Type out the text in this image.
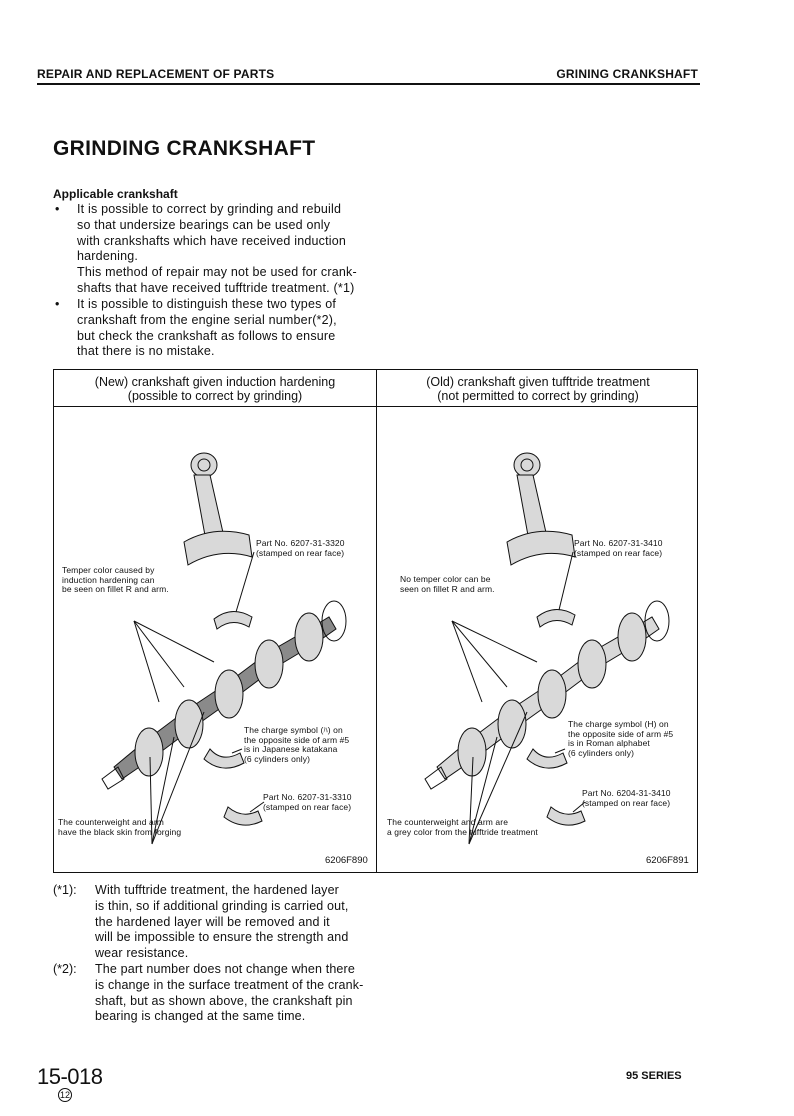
REPAIR AND REPLACEMENT OF PARTS	GRINING CRANKSHAFT
GRINDING CRANKSHAFT
Applicable crankshaft
• It is possible to correct by grinding and rebuild
so that undersize bearings can be used only
with crankshafts which have received induction
hardening.
This method of repair may not be used for crank-
shafts that have received tufftride treatment. (*1)
• It is possible to distinguish these two types of
crankshaft from the engine serial number(*2),
but check the crankshaft as follows to ensure
that there is no mistake.
(New) crankshaft given induction hardening
(possible to correct by grinding)
(Old) crankshaft given tufftride treatment
(not permitted to correct by grinding)
Part No. 6207-31-3320
(stamped on rear face)
Temper color caused by
induction hardening can
be seen on fillet R and arm.
The charge symbol (ﾊ) on
the opposite side of arm #5
is in Japanese katakana
(6 cylinders only)
Part No. 6207-31-3310
(stamped on rear face)
The counterweight and arm
have the black skin from forging
6206F890
Part No. 6207-31-3410
(stamped on rear face)
No temper color can be
seen on fillet R and arm.
The charge symbol (H) on
the opposite side of arm #5
is in Roman alphabet
(6 cylinders only)
Part No. 6204-31-3410
(stamped on rear face)
The counterweight and arm are
a grey color from the tufftride treatment
6206F891
(*1): With tufftride treatment, the hardened layer
is thin, so if additional grinding is carried out,
the hardened layer will be removed and it
will be impossible to ensure the strength and
wear resistance.
(*2): The part number does not change when there
is change in the surface treatment of the crank-
shaft, but as shown above, the crankshaft pin
bearing is changed at the same time.
15-018
12
95 SERIES
